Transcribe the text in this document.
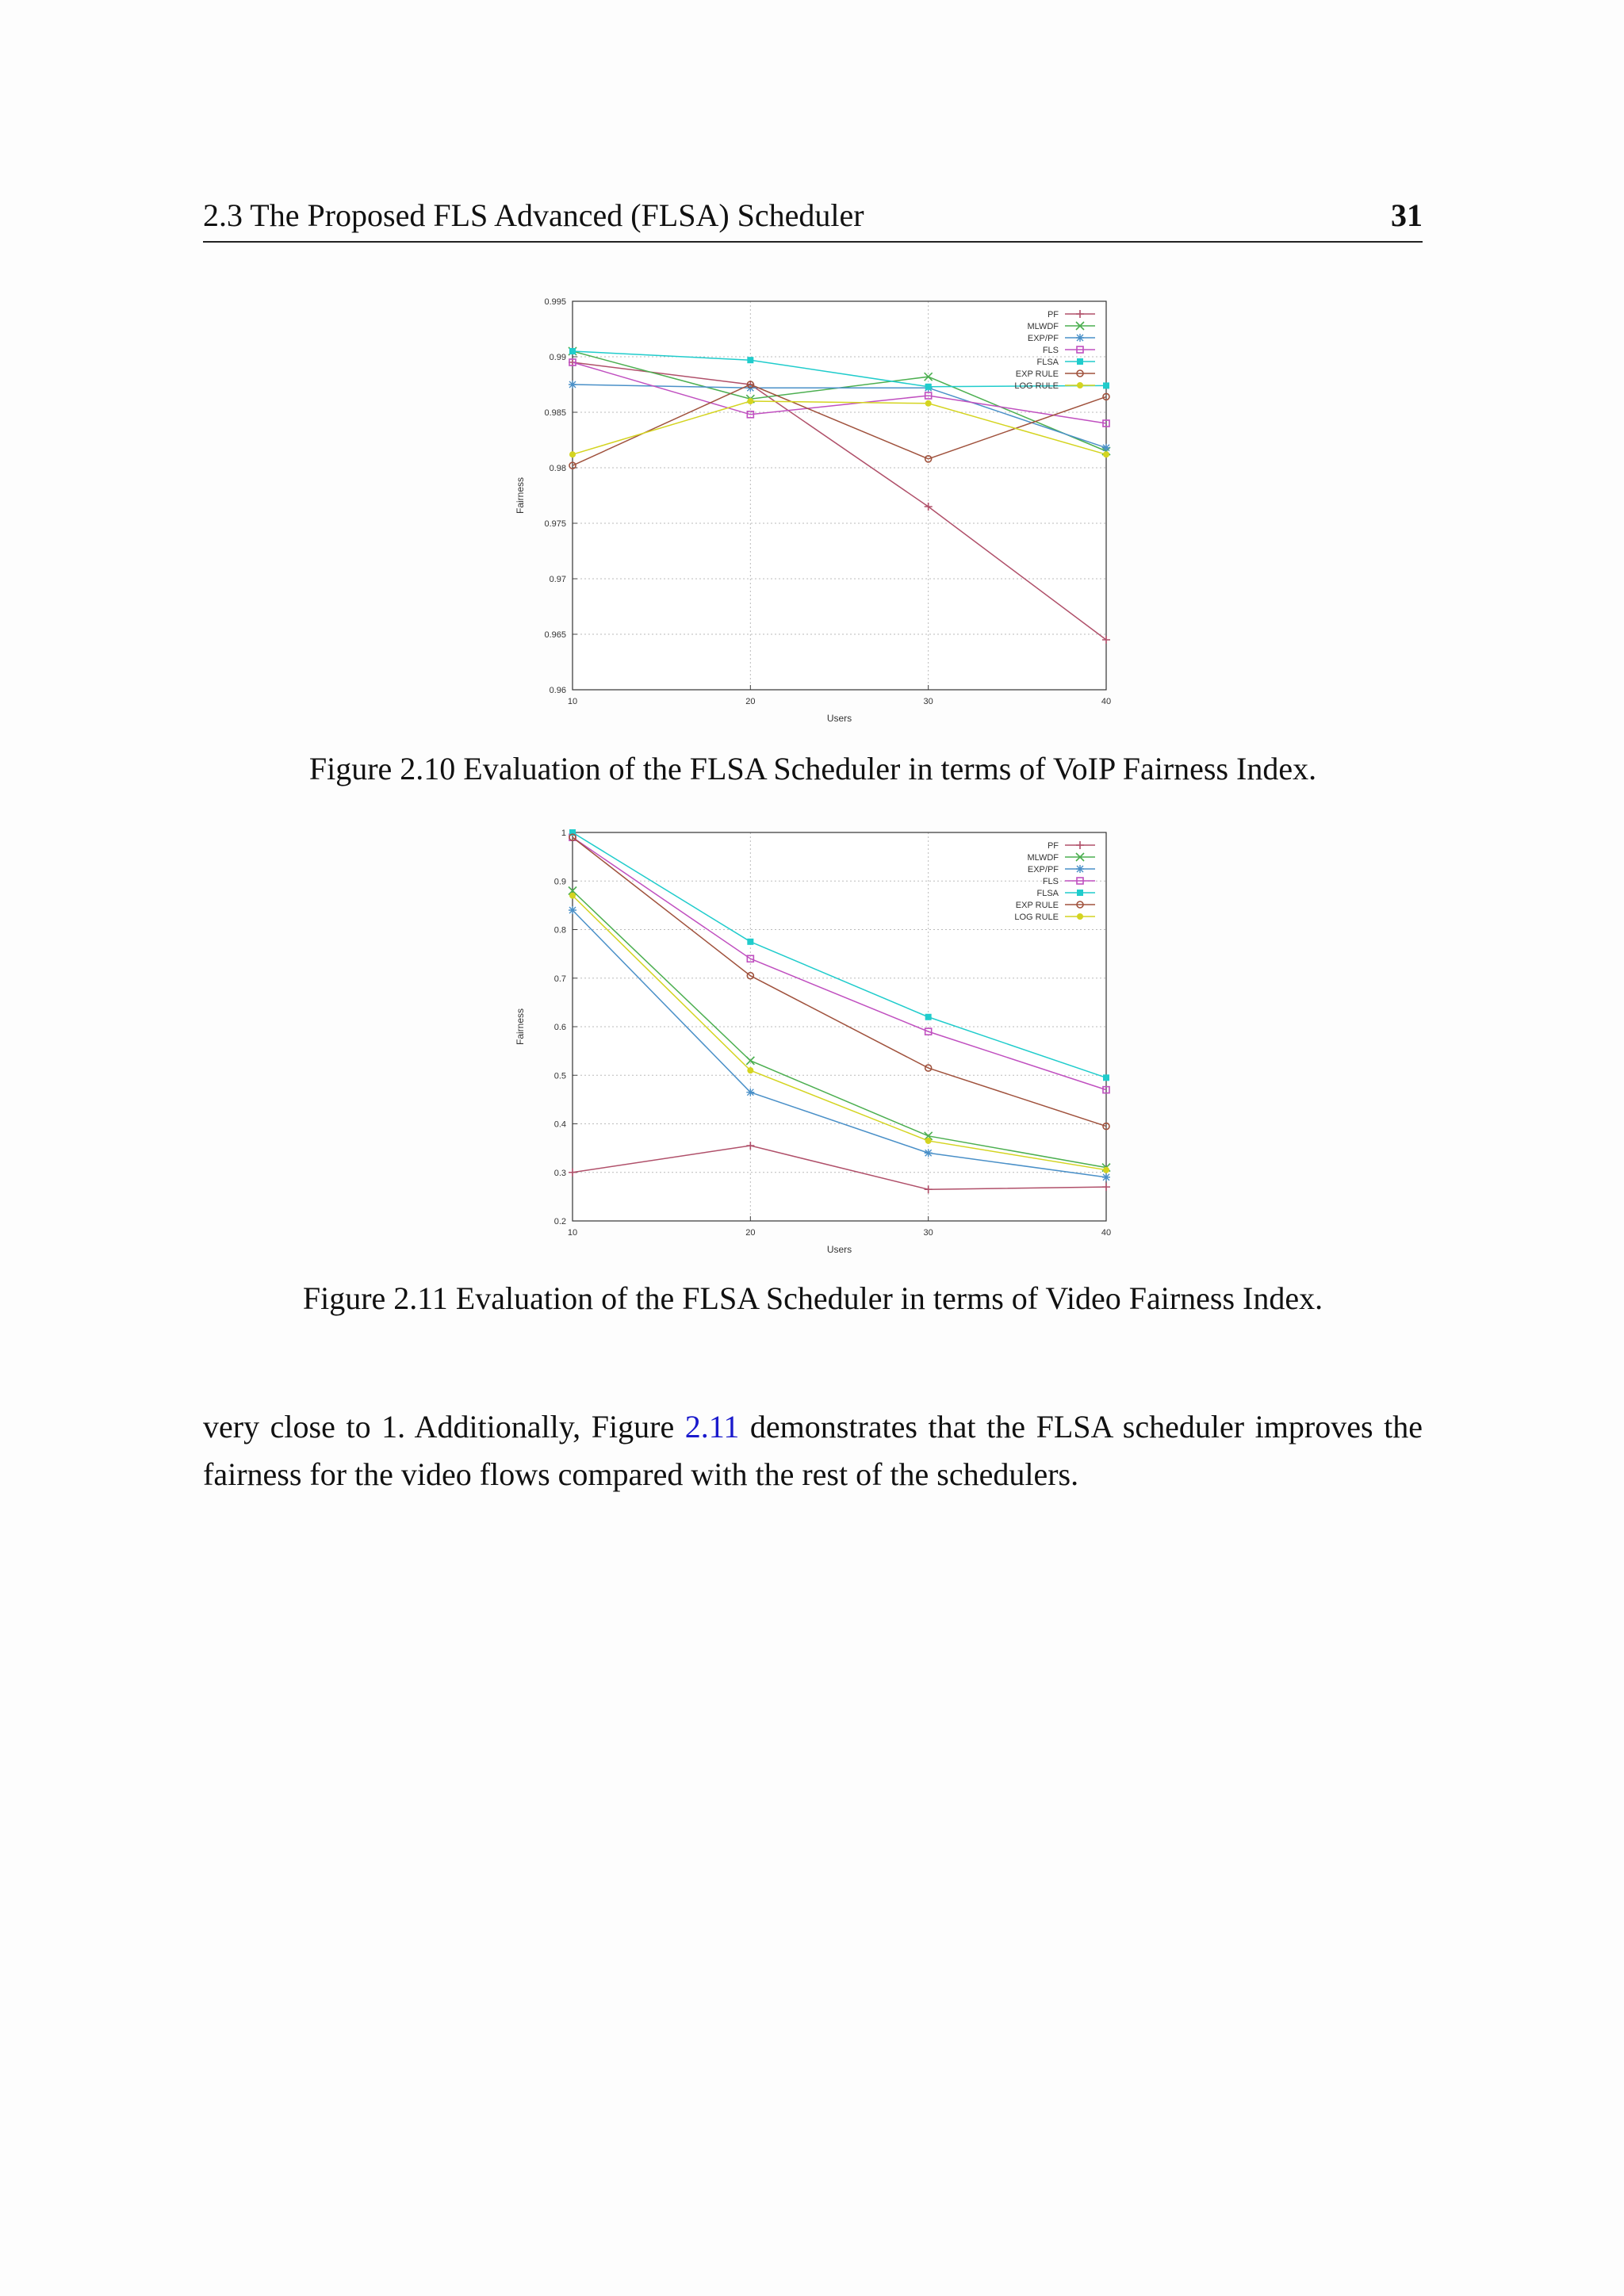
2.3 The Proposed FLS Advanced (FLSA) Scheduler	31
0.96
0.965
0.97
0.975
0.98
0.985
0.99
0.995
10	20	30	40
Users
Fairness
PF
MLWDF
EXP/PF
FLS
FLSA
EXP RULE
LOG RULE
Figure 2.10 Evaluation of the FLSA Scheduler in terms of VoIP Fairness Index.
0.2
0.3
0.4
0.5
0.6
0.7
0.8
0.9
1
10	20	30	40
Users
Fairness
PF
MLWDF
EXP/PF
FLS
FLSA
EXP RULE
LOG RULE
Figure 2.11 Evaluation of the FLSA Scheduler in terms of Video Fairness Index.

very close to 1. Additionally, Figure 2.11 demonstrates that the FLSA scheduler improves the fairness for the video flows compared with the rest of the schedulers.
